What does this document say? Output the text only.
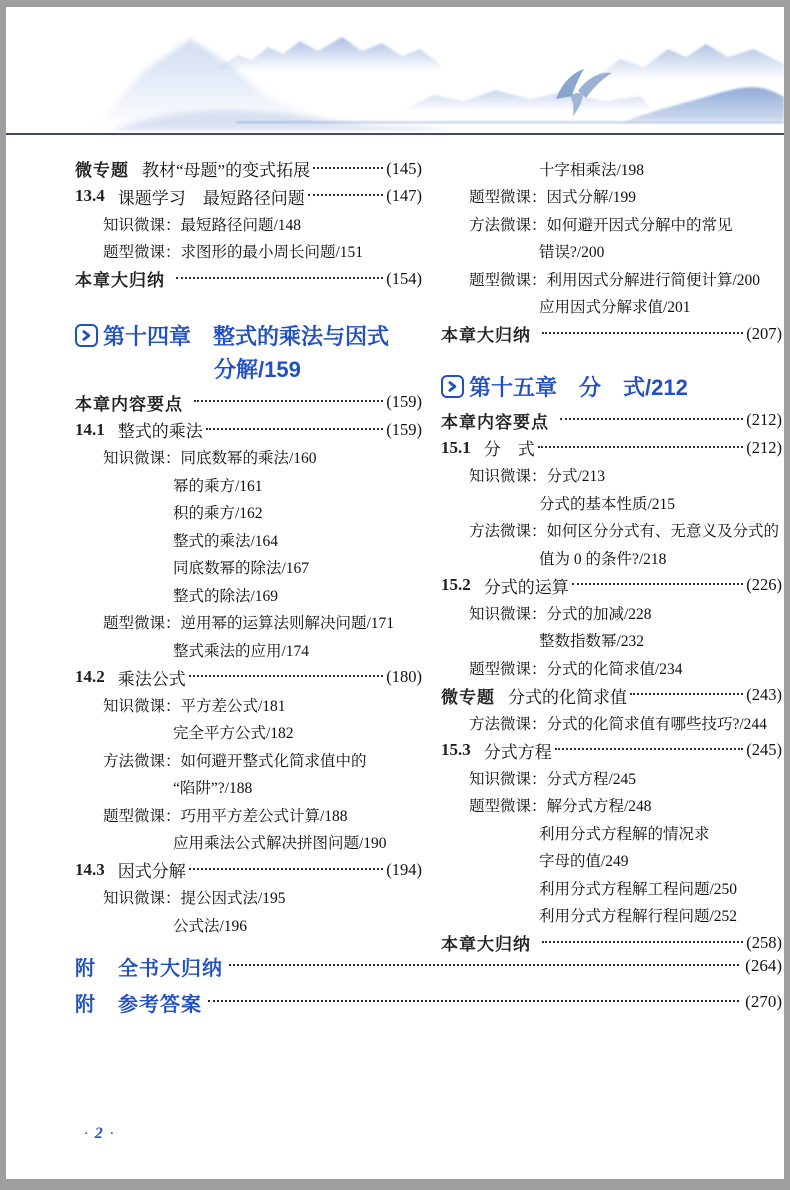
微专题 教材“母题”的变式拓展	(145)
13.4 课题学习　最短路径问题	(147)
知识微课：最短路径问题/148
题型微课：求图形的最小周长问题/151
本章大归纳	(154)
第十四章　整式的乘法与因式
分解/159
本章内容要点	(159)
14.1 整式的乘法	(159)
知识微课：同底数幂的乘法/160
幂的乘方/161
积的乘方/162
整式的乘法/164
同底数幂的除法/167
整式的除法/169
题型微课：逆用幂的运算法则解决问题/171
整式乘法的应用/174
14.2 乘法公式	(180)
知识微课：平方差公式/181
完全平方公式/182
方法微课：如何避开整式化简求值中的
“陷阱”?/188
题型微课：巧用平方差公式计算/188
应用乘法公式解决拼图问题/190
14.3 因式分解	(194)
知识微课：提公因式法/195
公式法/196
十字相乘法/198
题型微课：因式分解/199
方法微课：如何避开因式分解中的常见
错误?/200
题型微课：利用因式分解进行简便计算/200
应用因式分解求值/201
本章大归纳	(207)
第十五章　分　式/212
本章内容要点	(212)
15.1 分　式	(212)
知识微课：分式/213
分式的基本性质/215
方法微课：如何区分分式有、无意义及分式的
值为 0 的条件?/218
15.2 分式的运算	(226)
知识微课：分式的加减/228
整数指数幂/232
题型微课：分式的化简求值/234
微专题 分式的化简求值	(243)
方法微课：分式的化简求值有哪些技巧?/244
15.3 分式方程	(245)
知识微课：分式方程/245
题型微课：解分式方程/248
利用分式方程解的情况求
字母的值/249
利用分式方程解工程问题/250
利用分式方程解行程问题/252
本章大归纳	(258)
附 全书大归纳	(264)
附 参考答案	(270)
· 2 ·
